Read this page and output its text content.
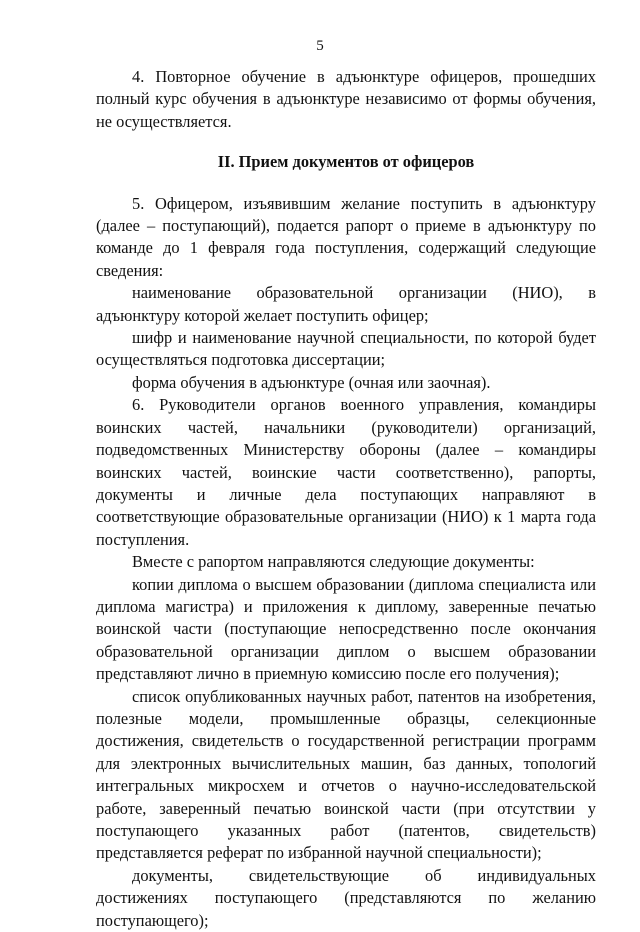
5

4. Повторное обучение в адъюнктуре офицеров, прошедших полный курс обучения в адъюнктуре независимо от формы обучения, не осуществляется.

II. Прием документов от офицеров

5. Офицером, изъявившим желание поступить в адъюнктуру (далее – поступающий), подается рапорт о приеме в адъюнктуру по команде до 1 февраля года поступления, содержащий следующие сведения:

наименование образовательной организации (НИО), в адъюнктуру которой желает поступить офицер;

шифр и наименование научной специальности, по которой будет осуществляться подготовка диссертации;

форма обучения в адъюнктуре (очная или заочная).

6. Руководители органов военного управления, командиры воинских частей, начальники (руководители) организаций, подведомственных Министерству обороны (далее – командиры воинских частей, воинские части соответственно), рапорты, документы и личные дела поступающих направляют в соответствующие образовательные организации (НИО) к 1 марта года поступления.

Вместе с рапортом направляются следующие документы:

копии диплома о высшем образовании (диплома специалиста или диплома магистра) и приложения к диплому, заверенные печатью воинской части (поступающие непосредственно после окончания образовательной организации диплом о высшем образовании представляют лично в приемную комиссию после его получения);

список опубликованных научных работ, патентов на изобретения, полезные модели, промышленные образцы, селекционные достижения, свидетельств о государственной регистрации программ для электронных вычислительных машин, баз данных, топологий интегральных микросхем и отчетов о научно-исследовательской работе, заверенный печатью воинской части (при отсутствии у поступающего указанных работ (патентов, свидетельств) представляется реферат по избранной научной специальности);

документы, свидетельствующие об индивидуальных достижениях поступающего (представляются по желанию поступающего);
